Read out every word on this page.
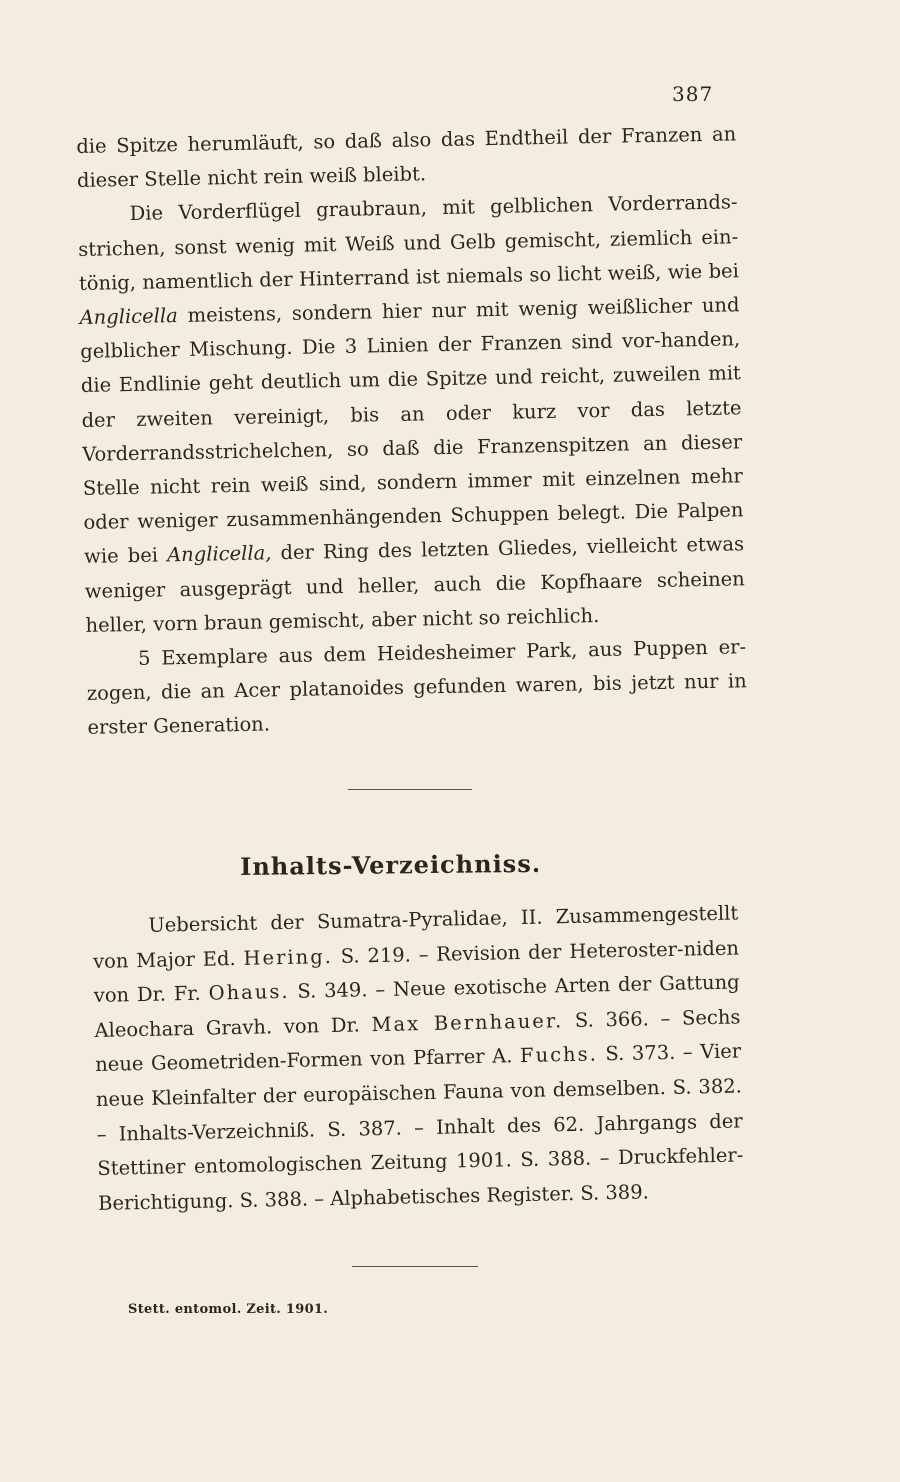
387

die Spitze herumläuft, so daß also das Endtheil der Franzen an dieser Stelle nicht rein weiß bleibt.

Die Vorderflügel graubraun, mit gelblichen Vorderrands-strichen, sonst wenig mit Weiß und Gelb gemischt, ziemlich ein-tönig, namentlich der Hinterrand ist niemals so licht weiß, wie bei Anglicella meistens, sondern hier nur mit wenig weißlicher und gelblicher Mischung. Die 3 Linien der Franzen sind vor-handen, die Endlinie geht deutlich um die Spitze und reicht, zuweilen mit der zweiten vereinigt, bis an oder kurz vor das letzte Vorderrandsstrichelchen, so daß die Franzenspitzen an dieser Stelle nicht rein weiß sind, sondern immer mit einzelnen mehr oder weniger zusammenhängenden Schuppen belegt. Die Palpen wie bei Anglicella, der Ring des letzten Gliedes, vielleicht etwas weniger ausgeprägt und heller, auch die Kopfhaare scheinen heller, vorn braun gemischt, aber nicht so reichlich.

5 Exemplare aus dem Heidesheimer Park, aus Puppen er-zogen, die an Acer platanoides gefunden waren, bis jetzt nur in erster Generation.

Inhalts-Verzeichniss.

Uebersicht der Sumatra-Pyralidae, II. Zusammengestellt von Major Ed. Hering. S. 219. – Revision der Heteroster-niden von Dr. Fr. Ohaus. S. 349. – Neue exotische Arten der Gattung Aleochara Gravh. von Dr. Max Bernhauer. S. 366. – Sechs neue Geometriden-Formen von Pfarrer A. Fuchs. S. 373. – Vier neue Kleinfalter der europäischen Fauna von demselben. S. 382. – Inhalts-Verzeichniß. S. 387. – Inhalt des 62. Jahrgangs der Stettiner entomologischen Zeitung 1901. S. 388. – Druckfehler-Berichtigung. S. 388. – Alphabetisches Register. S. 389.

Stett. entomol. Zeit. 1901.
